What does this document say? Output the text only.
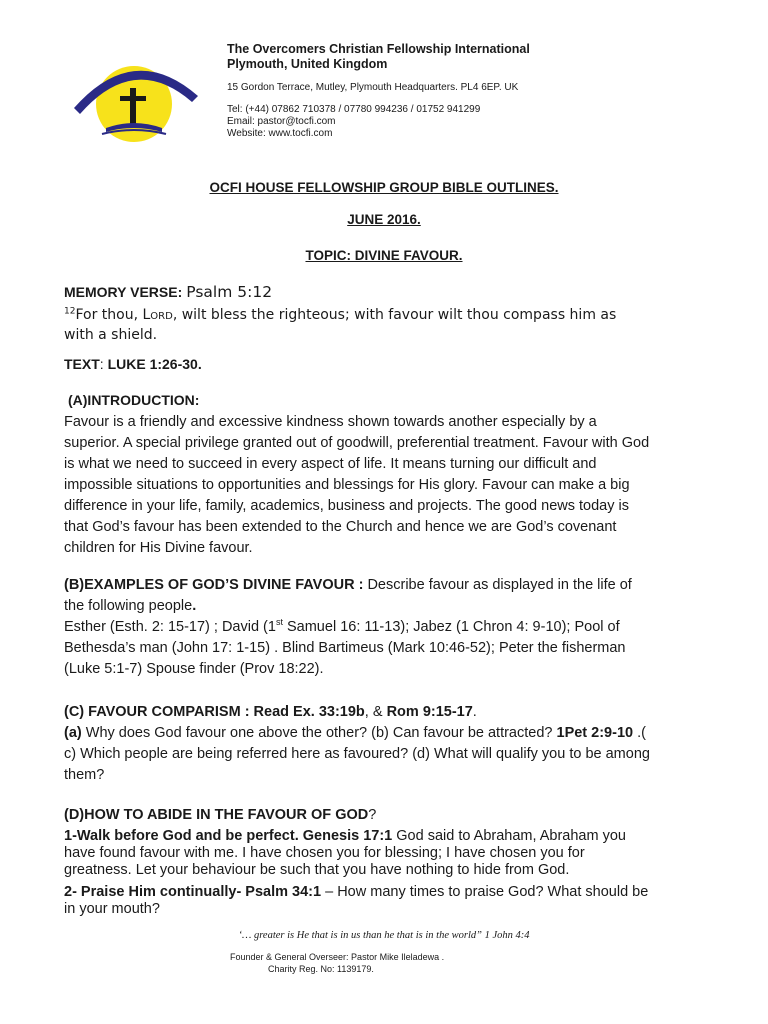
WE ARE MORE TH ONQUERORS
The Overcomers Christian Fellowship International
Plymouth, United Kingdom
15 Gordon Terrace, Mutley, Plymouth Headquarters. PL4 6EP. UK
Tel: (+44) 07862 710378 / 07780 994236 / 01752 941299
Email: pastor@tocfi.com
Website: www.tocfi.com
OCFI HOUSE FELLOWSHIP GROUP BIBLE OUTLINES.
JUNE 2016.
TOPIC: DIVINE FAVOUR.
MEMORY VERSE: Psalm 5:12
$^{12}$For thou, Lord, wilt bless the righteous; with favour wilt thou compass him as
with a shield.
TEXT: LUKE 1:26-30.
(A)INTRODUCTION:
Favour is a friendly and excessive kindness shown towards another especially by a
superior. A special privilege granted out of goodwill, preferential treatment. Favour with God
is what we need to succeed in every aspect of life. It means turning our difficult and
impossible situations to opportunities and blessings for His glory. Favour can make a big
difference in your life, family, academics, business and projects. The good news today is
that God’s favour has been extended to the Church and hence we are God’s covenant
children for His Divine favour.
(B)EXAMPLES OF GOD’S DIVINE FAVOUR : Describe favour as displayed in the life of
the following people.
Esther (Esth. 2: 15-17) ; David (1st Samuel 16: 11-13); Jabez (1 Chron 4: 9-10); Pool of
Bethesda’s man (John 17: 1-15) . Blind Bartimeus (Mark 10:46-52); Peter the fisherman
(Luke 5:1-7) Spouse finder (Prov 18:22).
(C) FAVOUR COMPARISM : Read Ex. 33:19b, & Rom 9:15-17.
(a) Why does God favour one above the other? (b) Can favour be attracted? 1Pet 2:9-10 .(
c) Which people are being referred here as favoured? (d) What will qualify you to be among
them?
(D)HOW TO ABIDE IN THE FAVOUR OF GOD?
1-Walk before God and be perfect. Genesis 17:1 God said to Abraham, Abraham you
have found favour with me. I have chosen you for blessing; I have chosen you for
greatness. Let your behaviour be such that you have nothing to hide from God.
2- Praise Him continually- Psalm 34:1 – How many times to praise God? What should be
in your mouth?
‘… greater is He that is in us than he that is in the world” 1 John 4:4
Founder & General Overseer: Pastor Mike Ileladewa .
Charity Reg. No: 1139179.
